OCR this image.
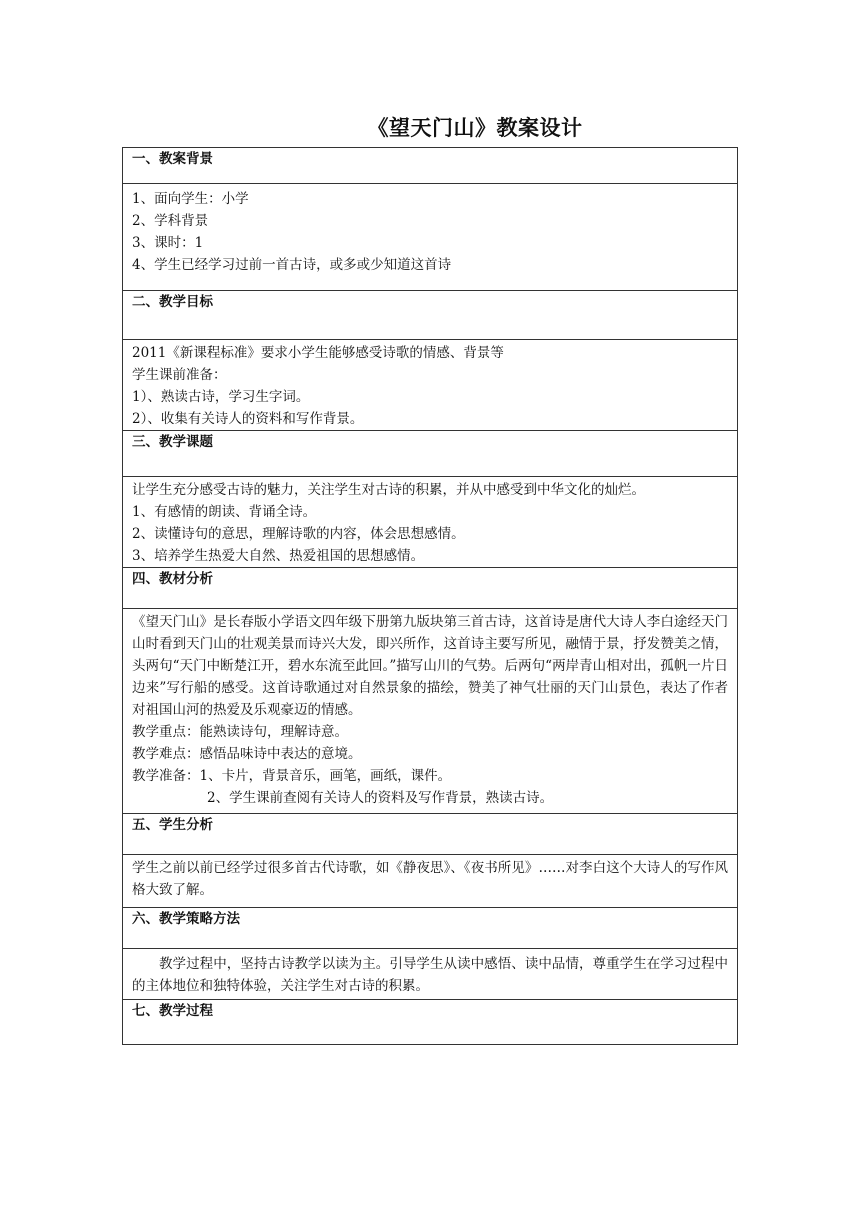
《望天门山》教案设计
一、教案背景

1、面向学生：小学
2、学科背景
3、课时：1
4、学生已经学习过前一首古诗，或多或少知道这首诗

二、教学目标

2011《新课程标准》要求小学生能够感受诗歌的情感、背景等
学生课前准备：
1）、熟读古诗，学习生字词。
2）、收集有关诗人的资料和写作背景。

三、教学课题

让学生充分感受古诗的魅力，关注学生对古诗的积累，并从中感受到中华文化的灿烂。
1、有感情的朗读、背诵全诗。
2、读懂诗句的意思，理解诗歌的内容，体会思想感情。
3、培养学生热爱大自然、热爱祖国的思想感情。

四、教材分析

《望天门山》是长春版小学语文四年级下册第九版块第三首古诗，这首诗是唐代大诗人李白途经天门山时看到天门山的壮观美景而诗兴大发，即兴所作，这首诗主要写所见，融情于景，抒发赞美之情，头两句“天门中断楚江开，碧水东流至此回。”描写山川的气势。后两句“两岸青山相对出，孤帆一片日边来”写行船的感受。这首诗歌通过对自然景象的描绘，赞美了神气壮丽的天门山景色，表达了作者对祖国山河的热爱及乐观豪迈的情感。
教学重点：能熟读诗句，理解诗意。
教学难点：感悟品味诗中表达的意境。
教学准备：1、卡片，背景音乐，画笔，画纸，课件。
2、学生课前查阅有关诗人的资料及写作背景，熟读古诗。

五、学生分析

学生之前以前已经学过很多首古代诗歌，如《静夜思》、《夜书所见》……对李白这个大诗人的写作风格大致了解。

六、教学策略方法

教学过程中，坚持古诗教学以读为主。引导学生从读中感悟、读中品情，尊重学生在学习过程中的主体地位和独特体验，关注学生对古诗的积累。

七、教学过程
